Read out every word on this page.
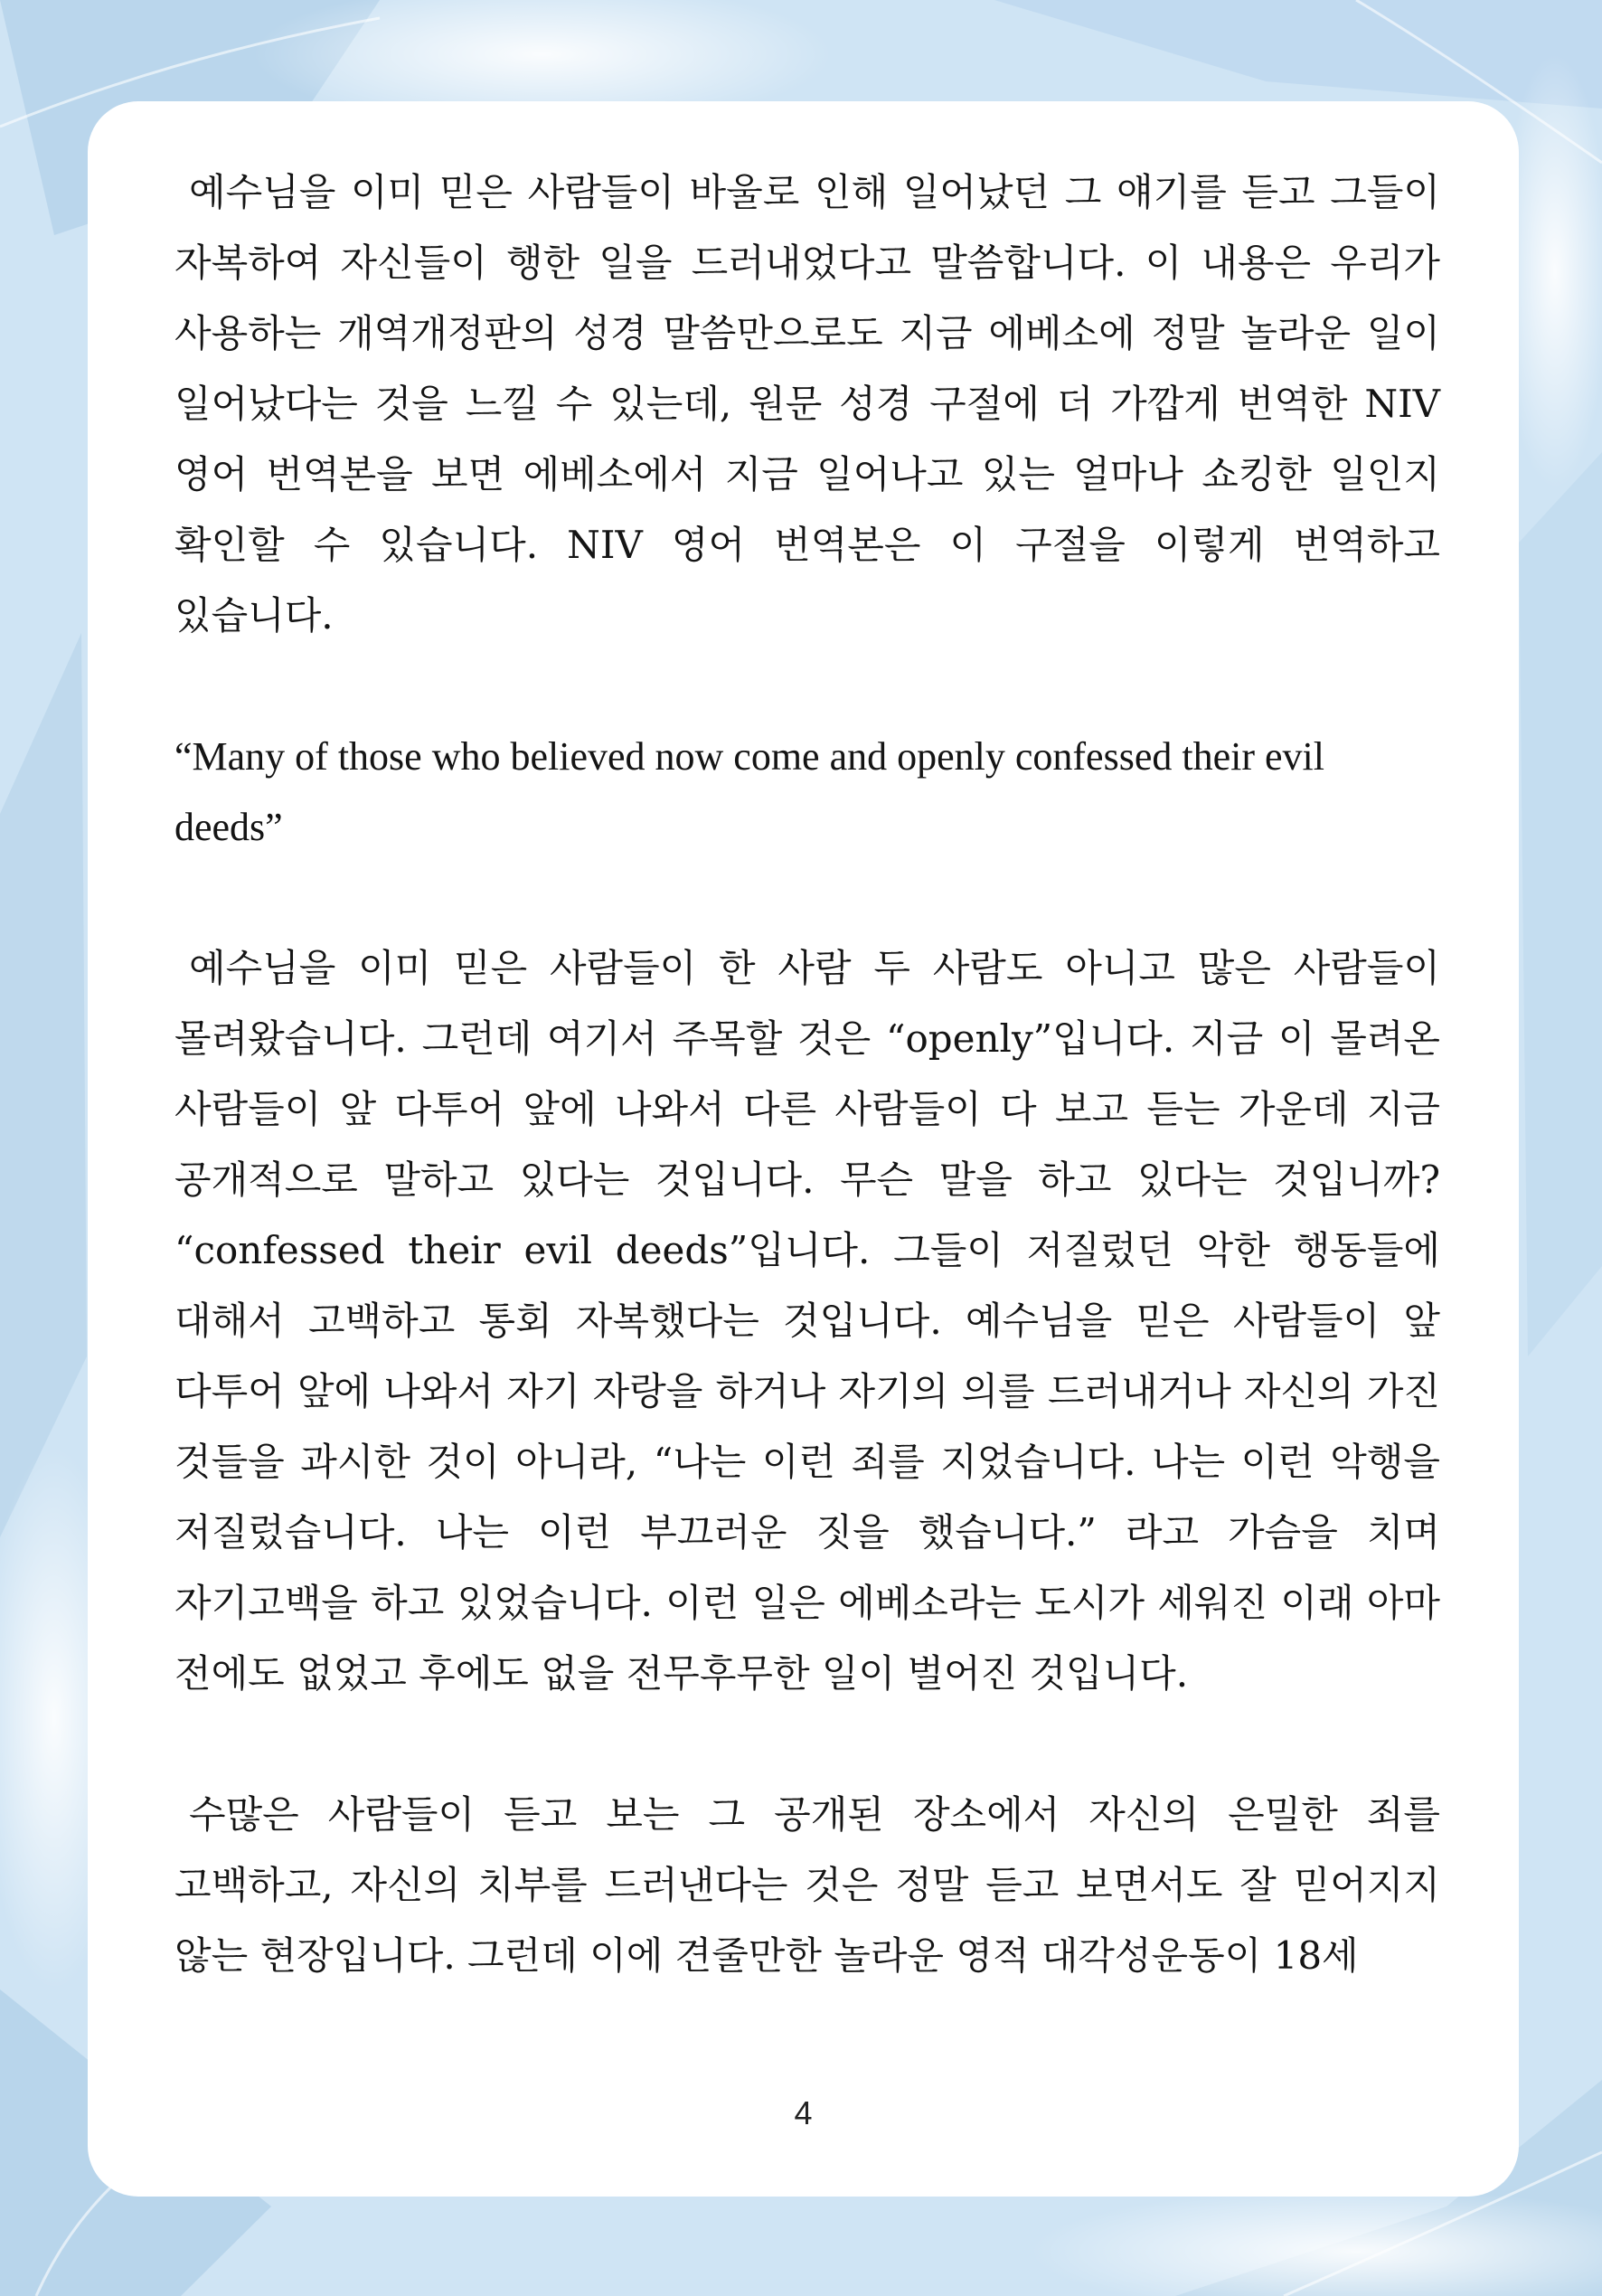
예수님을 이미 믿은 사람들이 바울로 인해 일어났던 그 얘기를 듣고 그들이 자복하여 자신들이 행한 일을 드러내었다고 말씀합니다. 이 내용은 우리가 사용하는 개역개정판의 성경 말씀만으로도 지금 에베소에 정말 놀라운 일이 일어났다는 것을 느낄 수 있는데, 원문 성경 구절에 더 가깝게 번역한 NIV 영어 번역본을 보면 에베소에서 지금 일어나고 있는 얼마나 쇼킹한 일인지 확인할 수 있습니다. NIV 영어 번역본은 이 구절을 이렇게 번역하고 있습니다.

“Many of those who believed now come and openly confessed their evil deeds”

예수님을 이미 믿은 사람들이 한 사람 두 사람도 아니고 많은 사람들이 몰려왔습니다. 그런데 여기서 주목할 것은 “openly”입니다. 지금 이 몰려온 사람들이 앞 다투어 앞에 나와서 다른 사람들이 다 보고 듣는 가운데 지금 공개적으로 말하고 있다는 것입니다. 무슨 말을 하고 있다는 것입니까? “confessed their evil deeds”입니다. 그들이 저질렀던 악한 행동들에 대해서 고백하고 통회 자복했다는 것입니다. 예수님을 믿은 사람들이 앞 다투어 앞에 나와서 자기 자랑을 하거나 자기의 의를 드러내거나 자신의 가진 것들을 과시한 것이 아니라, “나는 이런 죄를 지었습니다. 나는 이런 악행을 저질렀습니다. 나는 이런 부끄러운 짓을 했습니다.” 라고 가슴을 치며 자기고백을 하고 있었습니다. 이런 일은 에베소라는 도시가 세워진 이래 아마 전에도 없었고 후에도 없을 전무후무한 일이 벌어진 것입니다.

수많은 사람들이 듣고 보는 그 공개된 장소에서 자신의 은밀한 죄를 고백하고, 자신의 치부를 드러낸다는 것은 정말 듣고 보면서도 잘 믿어지지 않는 현장입니다. 그런데 이에 견줄만한 놀라운 영적 대각성운동이 18세

4
